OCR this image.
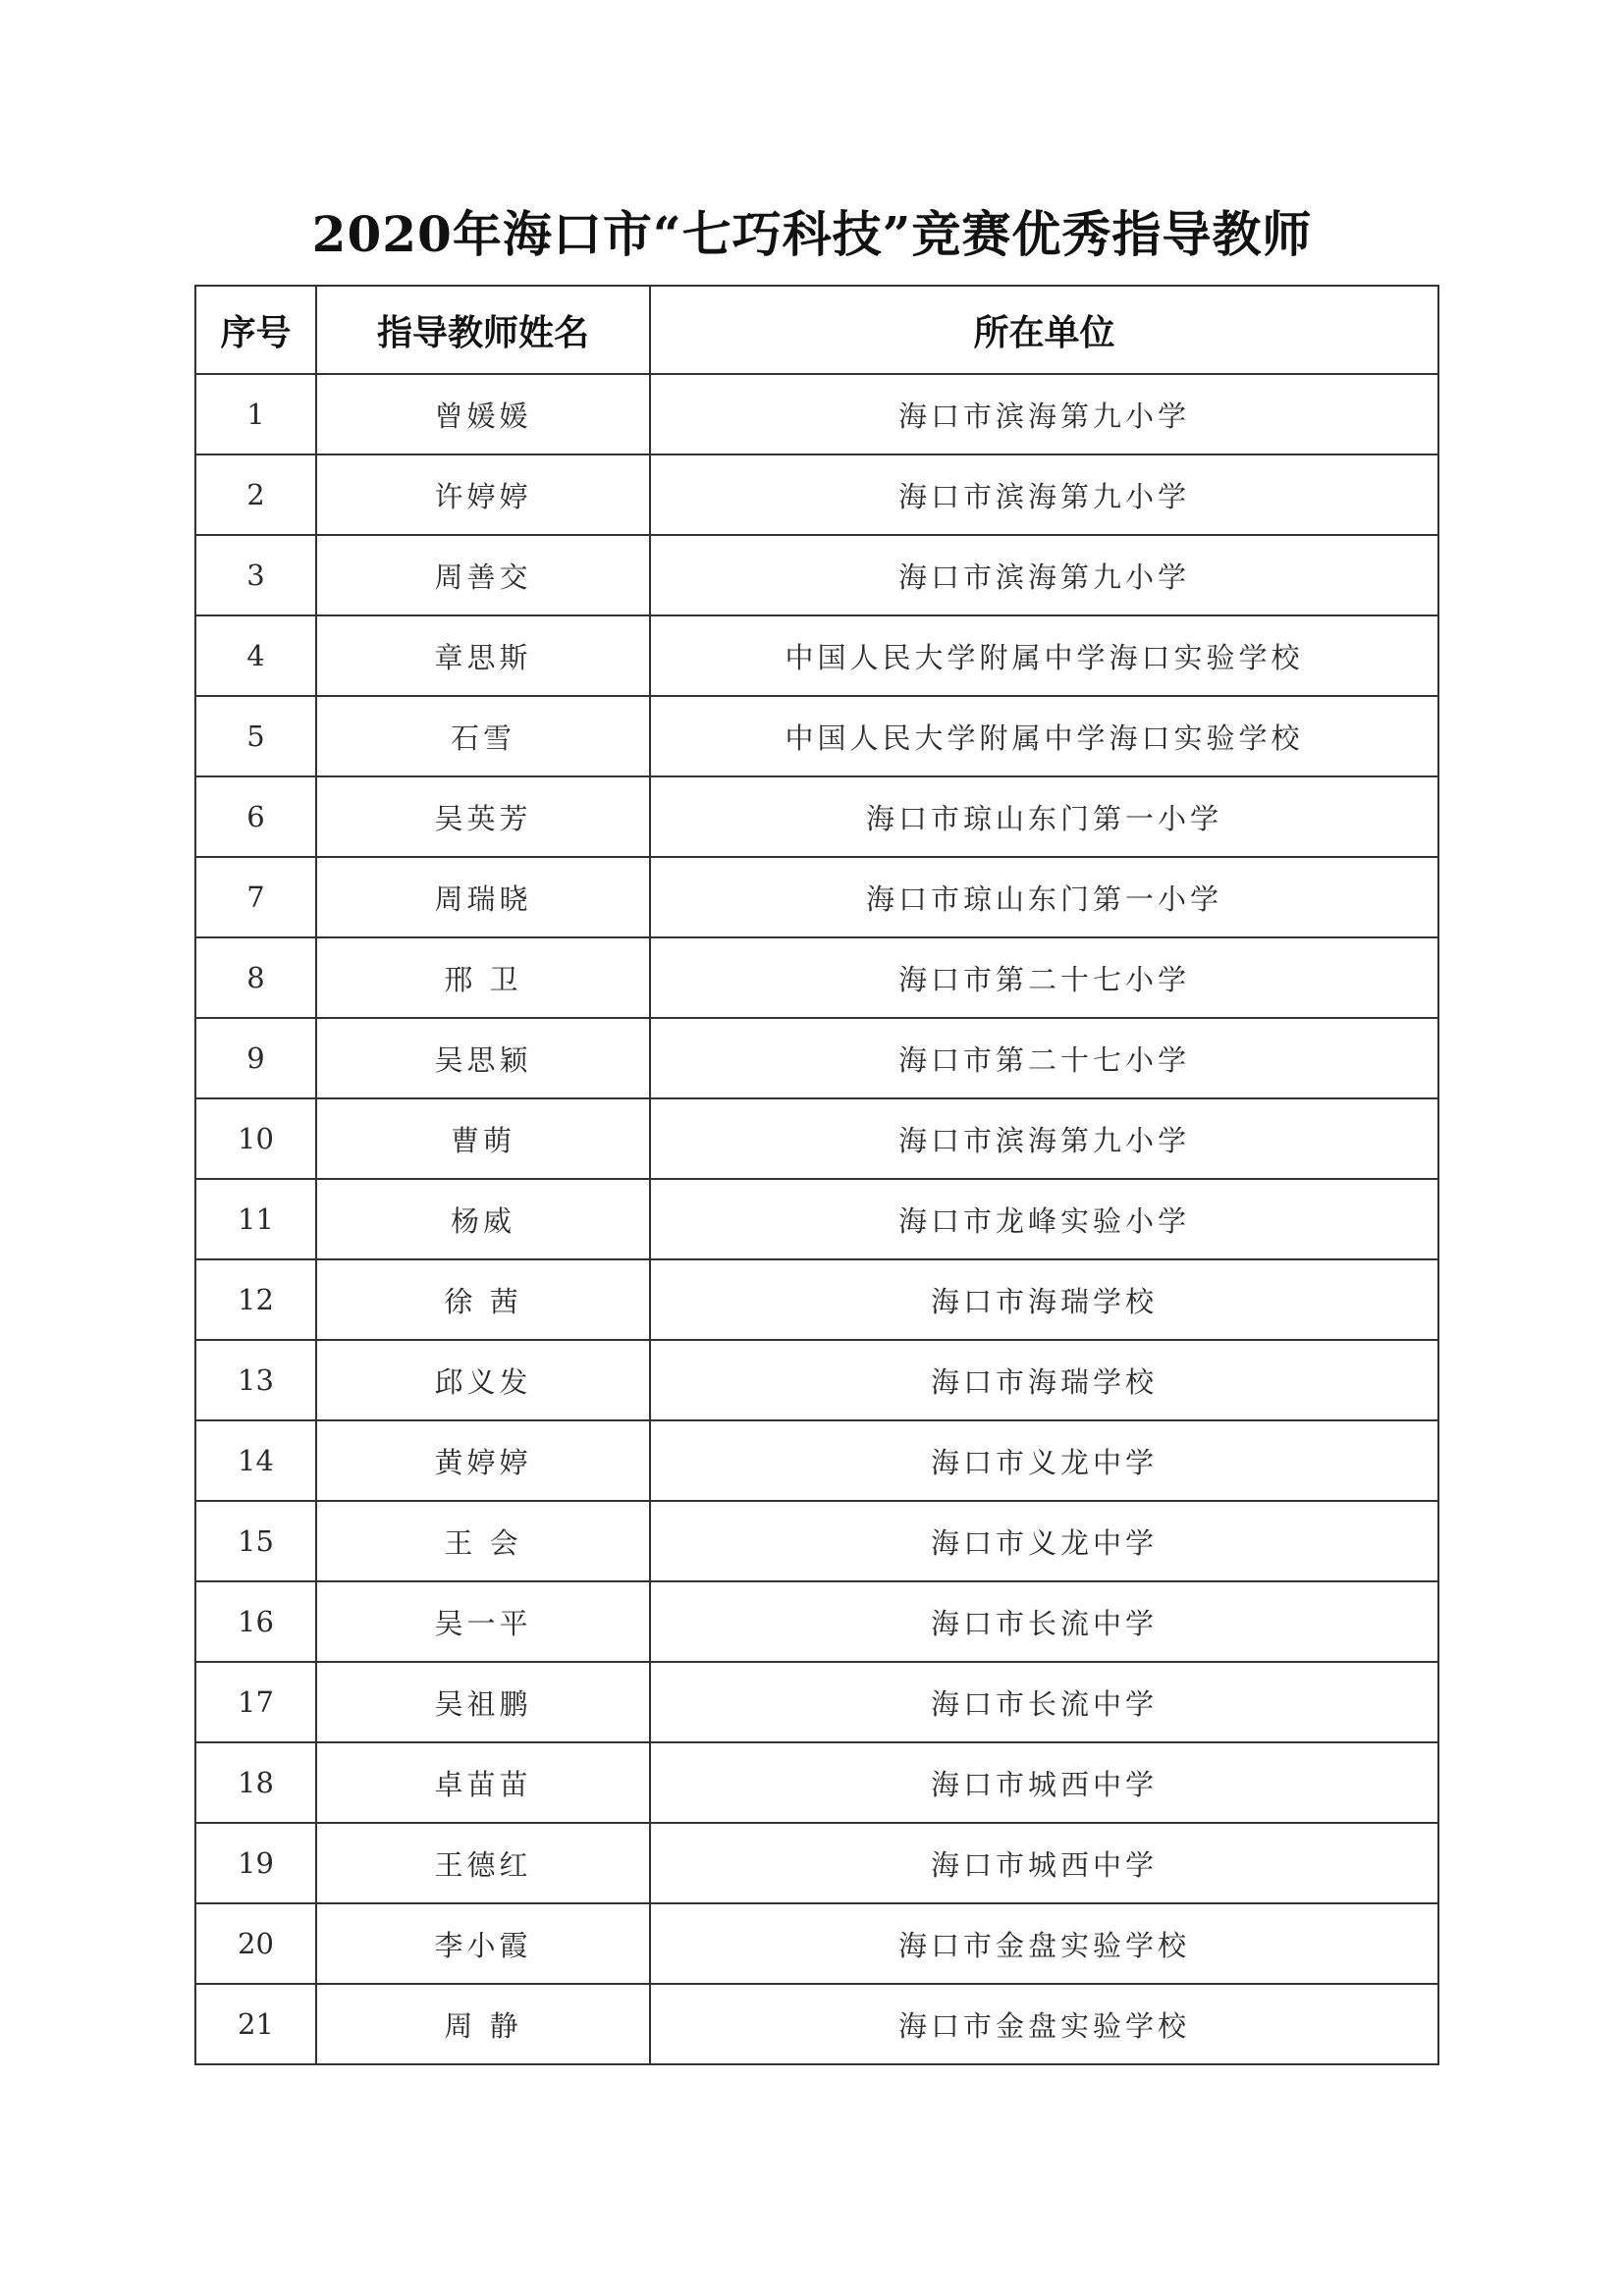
2020年海口市“七巧科技”竞赛优秀指导教师
序号	指导教师姓名	所在单位
1	曾媛媛	海口市滨海第九小学
2	许婷婷	海口市滨海第九小学
3	周善交	海口市滨海第九小学
4	章思斯	中国人民大学附属中学海口实验学校
5	石雪	中国人民大学附属中学海口实验学校
6	吴英芳	海口市琼山东门第一小学
7	周瑞晓	海口市琼山东门第一小学
8	邢 卫	海口市第二十七小学
9	吴思颖	海口市第二十七小学
10	曹萌	海口市滨海第九小学
11	杨威	海口市龙峰实验小学
12	徐 茜	海口市海瑞学校
13	邱义发	海口市海瑞学校
14	黄婷婷	海口市义龙中学
15	王 会	海口市义龙中学
16	吴一平	海口市长流中学
17	吴祖鹏	海口市长流中学
18	卓苗苗	海口市城西中学
19	王德红	海口市城西中学
20	李小霞	海口市金盘实验学校
21	周 静	海口市金盘实验学校
